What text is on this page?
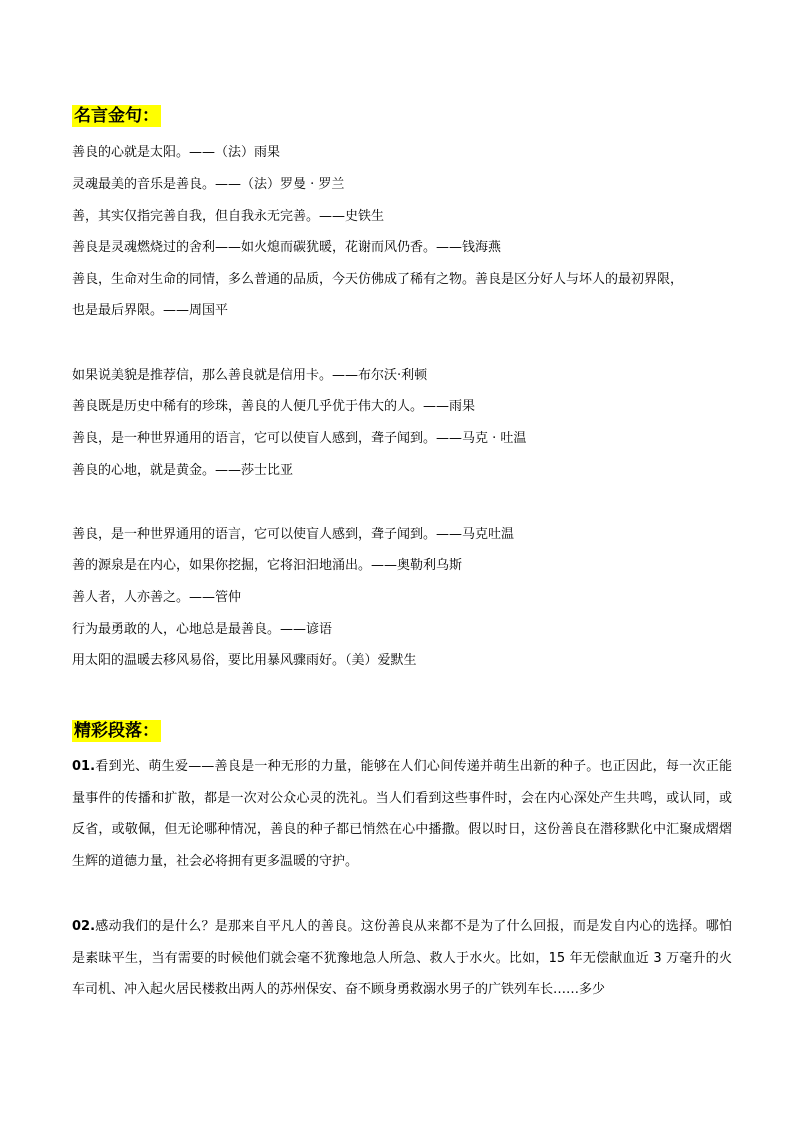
名言金句：
善良的心就是太阳。——（法）雨果
灵魂最美的音乐是善良。——（法）罗曼 · 罗兰
善，其实仅指完善自我，但自我永无完善。——史铁生
善良是灵魂燃烧过的舍利——如火熄而碳犹暖，花谢而风仍香。——钱海燕
善良，生命对生命的同情，多么普通的品质，今天仿佛成了稀有之物。善良是区分好人与坏人的最初界限，
也是最后界限。——周国平
如果说美貌是推荐信，那么善良就是信用卡。——布尔沃·利顿
善良既是历史中稀有的珍珠，善良的人便几乎优于伟大的人。——雨果
善良，是一种世界通用的语言，它可以使盲人感到，聋子闻到。——马克 · 吐温
善良的心地，就是黄金。——莎士比亚
善良，是一种世界通用的语言，它可以使盲人感到，聋子闻到。——马克吐温
善的源泉是在内心，如果你挖掘，它将汩汩地涌出。——奥勒利乌斯
善人者，人亦善之。——管仲
行为最勇敢的人，心地总是最善良。——谚语
用太阳的温暖去移风易俗，要比用暴风骤雨好。（美）爱默生
精彩段落：
01.看到光、萌生爱——善良是一种无形的力量，能够在人们心间传递并萌生出新的种子。也正因此，每一次正能量事件的传播和扩散，都是一次对公众心灵的洗礼。当人们看到这些事件时，会在内心深处产生共鸣，或认同，或反省，或敬佩，但无论哪种情况，善良的种子都已悄然在心中播撒。假以时日，这份善良在潜移默化中汇聚成熠熠生辉的道德力量，社会必将拥有更多温暖的守护。
02.感动我们的是什么？是那来自平凡人的善良。这份善良从来都不是为了什么回报，而是发自内心的选择。哪怕是素昧平生，当有需要的时候他们就会毫不犹豫地急人所急、救人于水火。比如，15 年无偿献血近 3 万毫升的火车司机、冲入起火居民楼救出两人的苏州保安、奋不顾身勇救溺水男子的广铁列车长……多少
